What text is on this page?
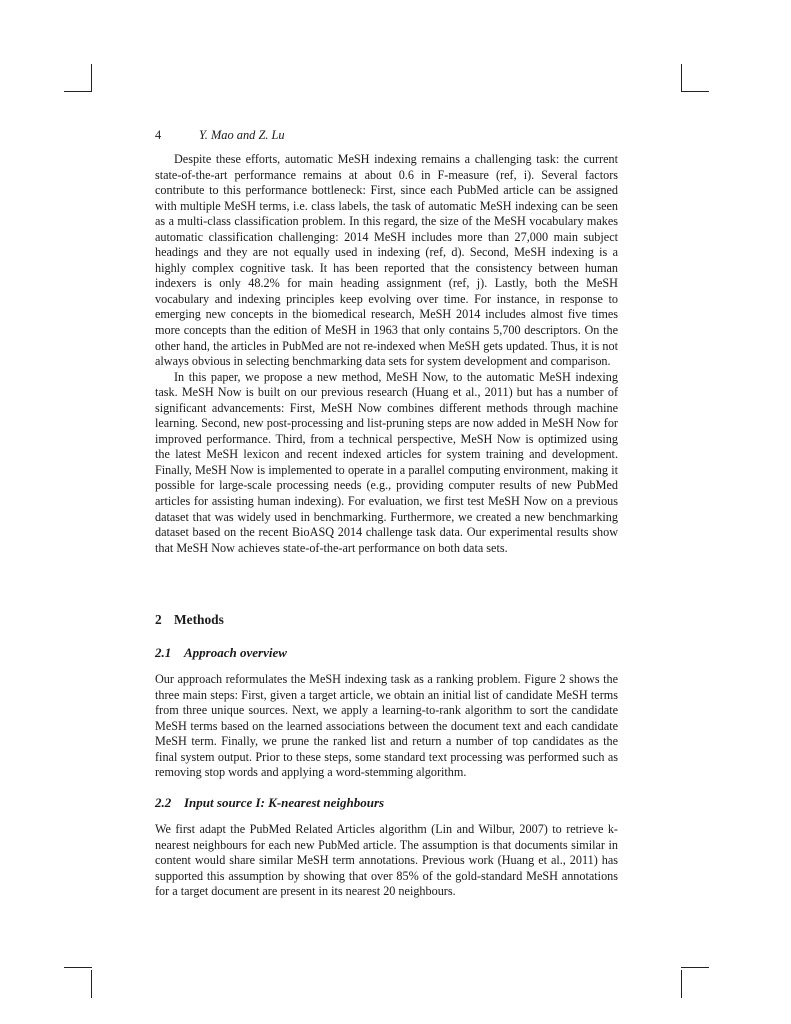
4	Y. Mao and Z. Lu

Despite these efforts, automatic MeSH indexing remains a challenging task: the current state-of-the-art performance remains at about 0.6 in F-measure (ref, i). Several factors contribute to this performance bottleneck: First, since each PubMed article can be assigned with multiple MeSH terms, i.e. class labels, the task of automatic MeSH indexing can be seen as a multi-class classification problem. In this regard, the size of the MeSH vocabulary makes automatic classification challenging: 2014 MeSH includes more than 27,000 main subject headings and they are not equally used in indexing (ref, d). Second, MeSH indexing is a highly complex cognitive task. It has been reported that the consistency between human indexers is only 48.2% for main heading assignment (ref, j). Lastly, both the MeSH vocabulary and indexing principles keep evolving over time. For instance, in response to emerging new concepts in the biomedical research, MeSH 2014 includes almost five times more concepts than the edition of MeSH in 1963 that only contains 5,700 descriptors. On the other hand, the articles in PubMed are not re-indexed when MeSH gets updated. Thus, it is not always obvious in selecting benchmarking data sets for system development and comparison.

In this paper, we propose a new method, MeSH Now, to the automatic MeSH indexing task. MeSH Now is built on our previous research (Huang et al., 2011) but has a number of significant advancements: First, MeSH Now combines different methods through machine learning. Second, new post-processing and list-pruning steps are now added in MeSH Now for improved performance. Third, from a technical perspective, MeSH Now is optimized using the latest MeSH lexicon and recent indexed articles for system training and development. Finally, MeSH Now is implemented to operate in a parallel computing environment, making it possible for large-scale processing needs (e.g., providing computer results of new PubMed articles for assisting human indexing). For evaluation, we first test MeSH Now on a previous dataset that was widely used in benchmarking. Furthermore, we created a new benchmarking dataset based on the recent BioASQ 2014 challenge task data. Our experimental results show that MeSH Now achieves state-of-the-art performance on both data sets.

2 Methods
2.1 Approach overview

Our approach reformulates the MeSH indexing task as a ranking problem. Figure 2 shows the three main steps: First, given a target article, we obtain an initial list of candidate MeSH terms from three unique sources. Next, we apply a learning-to-rank algorithm to sort the candidate MeSH terms based on the learned associations between the document text and each candidate MeSH term. Finally, we prune the ranked list and return a number of top candidates as the final system output. Prior to these steps, some standard text processing was performed such as removing stop words and applying a word-stemming algorithm.

2.2 Input source I: K-nearest neighbours

We first adapt the PubMed Related Articles algorithm (Lin and Wilbur, 2007) to retrieve k-nearest neighbours for each new PubMed article. The assumption is that documents similar in content would share similar MeSH term annotations. Previous work (Huang et al., 2011) has supported this assumption by showing that over 85% of the gold-standard MeSH annotations for a target document are present in its nearest 20 neighbours.
